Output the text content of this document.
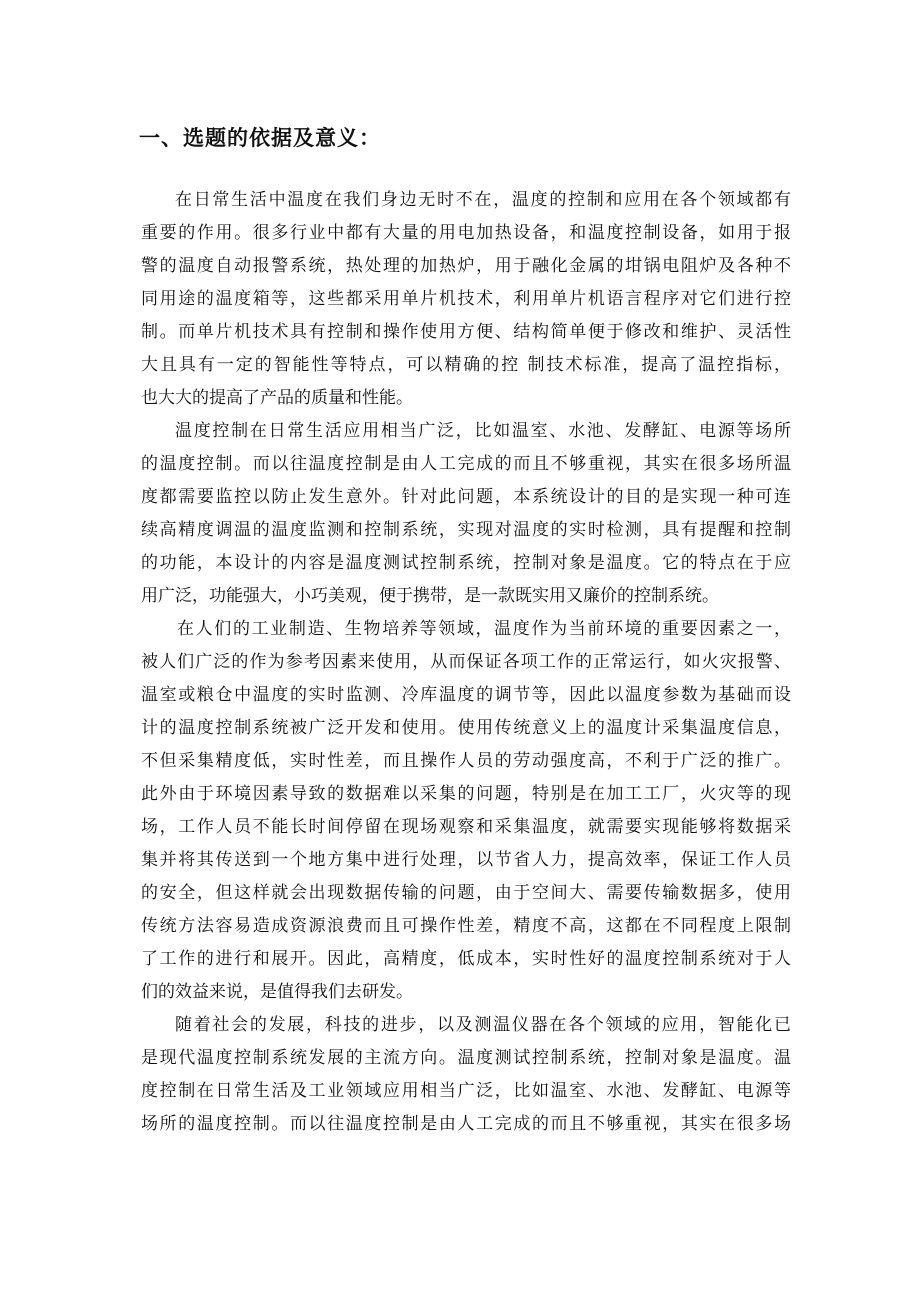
一、选题的依据及意义：
在日常生活中温度在我们身边无时不在，温度的控制和应用在各个领域都有
重要的作用。很多行业中都有大量的用电加热设备，和温度控制设备，如用于报
警的温度自动报警系统，热处理的加热炉，用于融化金属的坩锅电阻炉及各种不
同用途的温度箱等，这些都采用单片机技术，利用单片机语言程序对它们进行控
制。而单片机技术具有控制和操作使用方便、结构简单便于修改和维护、灵活性
大且具有一定的智能性等特点，可以精确的控 制技术标准，提高了温控指标，
也大大的提高了产品的质量和性能。
温度控制在日常生活应用相当广泛，比如温室、水池、发酵缸、电源等场所
的温度控制。而以往温度控制是由人工完成的而且不够重视，其实在很多场所温
度都需要监控以防止发生意外。针对此问题，本系统设计的目的是实现一种可连
续高精度调温的温度监测和控制系统，实现对温度的实时检测，具有提醒和控制
的功能，本设计的内容是温度测试控制系统，控制对象是温度。它的特点在于应
用广泛，功能强大，小巧美观，便于携带，是一款既实用又廉价的控制系统。
在人们的工业制造、生物培养等领域，温度作为当前环境的重要因素之一，
被人们广泛的作为参考因素来使用，从而保证各项工作的正常运行，如火灾报警、
温室或粮仓中温度的实时监测、冷库温度的调节等，因此以温度参数为基础而设
计的温度控制系统被广泛开发和使用。使用传统意义上的温度计采集温度信息，
不但采集精度低，实时性差，而且操作人员的劳动强度高，不利于广泛的推广。
此外由于环境因素导致的数据难以采集的问题，特别是在加工工厂，火灾等的现
场，工作人员不能长时间停留在现场观察和采集温度，就需要实现能够将数据采
集并将其传送到一个地方集中进行处理，以节省人力，提高效率，保证工作人员
的安全，但这样就会出现数据传输的问题，由于空间大、需要传输数据多，使用
传统方法容易造成资源浪费而且可操作性差，精度不高，这都在不同程度上限制
了工作的进行和展开。因此，高精度，低成本，实时性好的温度控制系统对于人
们的效益来说，是值得我们去研发。
随着社会的发展，科技的进步，以及测温仪器在各个领域的应用，智能化已
是现代温度控制系统发展的主流方向。温度测试控制系统，控制对象是温度。温
度控制在日常生活及工业领域应用相当广泛，比如温室、水池、发酵缸、电源等
场所的温度控制。而以往温度控制是由人工完成的而且不够重视，其实在很多场
